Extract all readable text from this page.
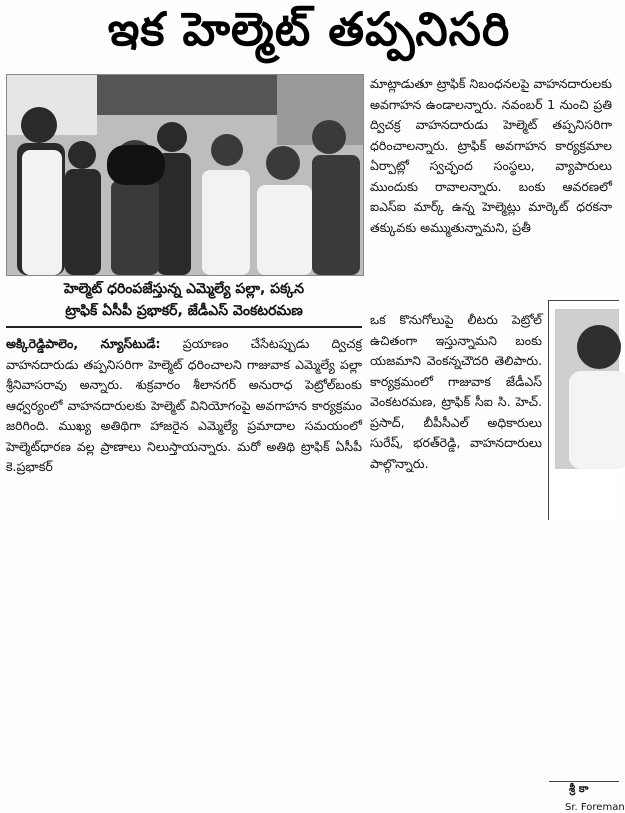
ఇక హెల్మెట్ తప్పనిసరి
హెల్మెట్ ధరింపజేస్తున్న ఎమ్మెల్యే పల్లా, పక్కన
ట్రాఫిక్ ఏసీపీ ప్రభాకర్, జేడీఎస్ వెంకటరమణ

అక్కిరెడ్డిపాలెం, న్యూస్‌టుడే: ప్రయాణం చేసేటప్పుడు ద్విచక్ర వాహనదారుడు తప్పనిసరిగా హెల్మెట్ ధరించాలని గాజువాక ఎమ్మెల్యే పల్లా శ్రీనివాసరావు అన్నారు. శుక్రవారం శీలానగర్ అనురాధ పెట్రోల్‌బంకు ఆధ్వర్యంలో వాహనదారులకు హెల్మెట్ వినియోగంపై అవగాహన కార్యక్రమం జరిగింది. ముఖ్య అతిథిగా హాజరైన ఎమ్మెల్యే ప్రమాదాల సమయంలో హెల్మెట్‌ధారణ వల్ల ప్రాణాలు నిలుస్తాయన్నారు. మరో అతిథి ట్రాఫిక్ ఏసీపీ కె.ప్రభాకర్

మాట్లాడుతూ ట్రాఫిక్ నిబంధనలపై వాహనదారులకు అవగాహన ఉండాలన్నారు. నవంబర్ 1 నుంచి ప్రతి ద్విచక్ర వాహనదారుడు హెల్మెట్ తప్పనిసరిగా ధరించాలన్నారు. ట్రాఫిక్ అవగాహన కార్యక్రమాల ఏర్పాట్లో స్వచ్ఛంద సంస్థలు, వ్యాపారులు ముందుకు రావాలన్నారు. బంకు ఆవరణలో ఐఎస్ఐ మార్క్ ఉన్న హెల్మెట్లు మార్కెట్ ధరకనా తక్కువకు అమ్ముతున్నామని, ప్రతీ

ఒక కొనుగోలుపై లీటరు పెట్రోల్ ఉచితంగా ఇస్తున్నామని బంకు యజమాని వెంకన్నచౌదరి తెలిపారు. కార్యక్రమంలో గాజువాక జేడీఎస్ వెంకటరమణ, ట్రాఫిక్ సీఐ సి. హెచ్. ప్రసాద్, బీపీసీఎల్ అధికారులు సురేష్, భరత్‌రెడ్డి, వాహనదారులు పాల్గొన్నారు.

శ్రీ కా
Sr. Foreman
